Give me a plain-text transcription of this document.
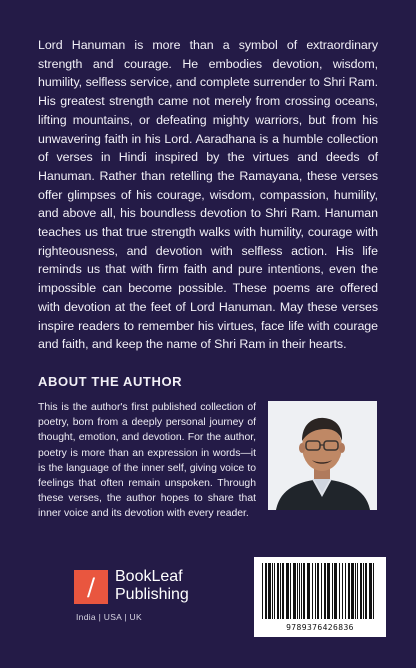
Lord Hanuman is more than a symbol of extraordinary strength and courage. He embodies devotion, wisdom, humility, selfless service, and complete surrender to Shri Ram. His greatest strength came not merely from crossing oceans, lifting mountains, or defeating mighty warriors, but from his unwavering faith in his Lord. Aaradhana is a humble collection of verses in Hindi inspired by the virtues and deeds of Hanuman. Rather than retelling the Ramayana, these verses offer glimpses of his courage, wisdom, compassion, humility, and above all, his boundless devotion to Shri Ram. Hanuman teaches us that true strength walks with humility, courage with righteousness, and devotion with selfless action. His life reminds us that with firm faith and pure intentions, even the impossible can become possible. These poems are offered with devotion at the feet of Lord Hanuman. May these verses inspire readers to remember his virtues, face life with courage and faith, and keep the name of Shri Ram in their hearts.

ABOUT THE AUTHOR

This is the author's first published collection of poetry, born from a deeply personal journey of thought, emotion, and devotion. For the author, poetry is more than an expression in words—it is the language of the inner self, giving voice to feelings that often remain unspoken. Through these verses, the author hopes to share that inner voice and its devotion with every reader.

/	BookLeaf
Publishing
India | USA | UK
9789376426836
